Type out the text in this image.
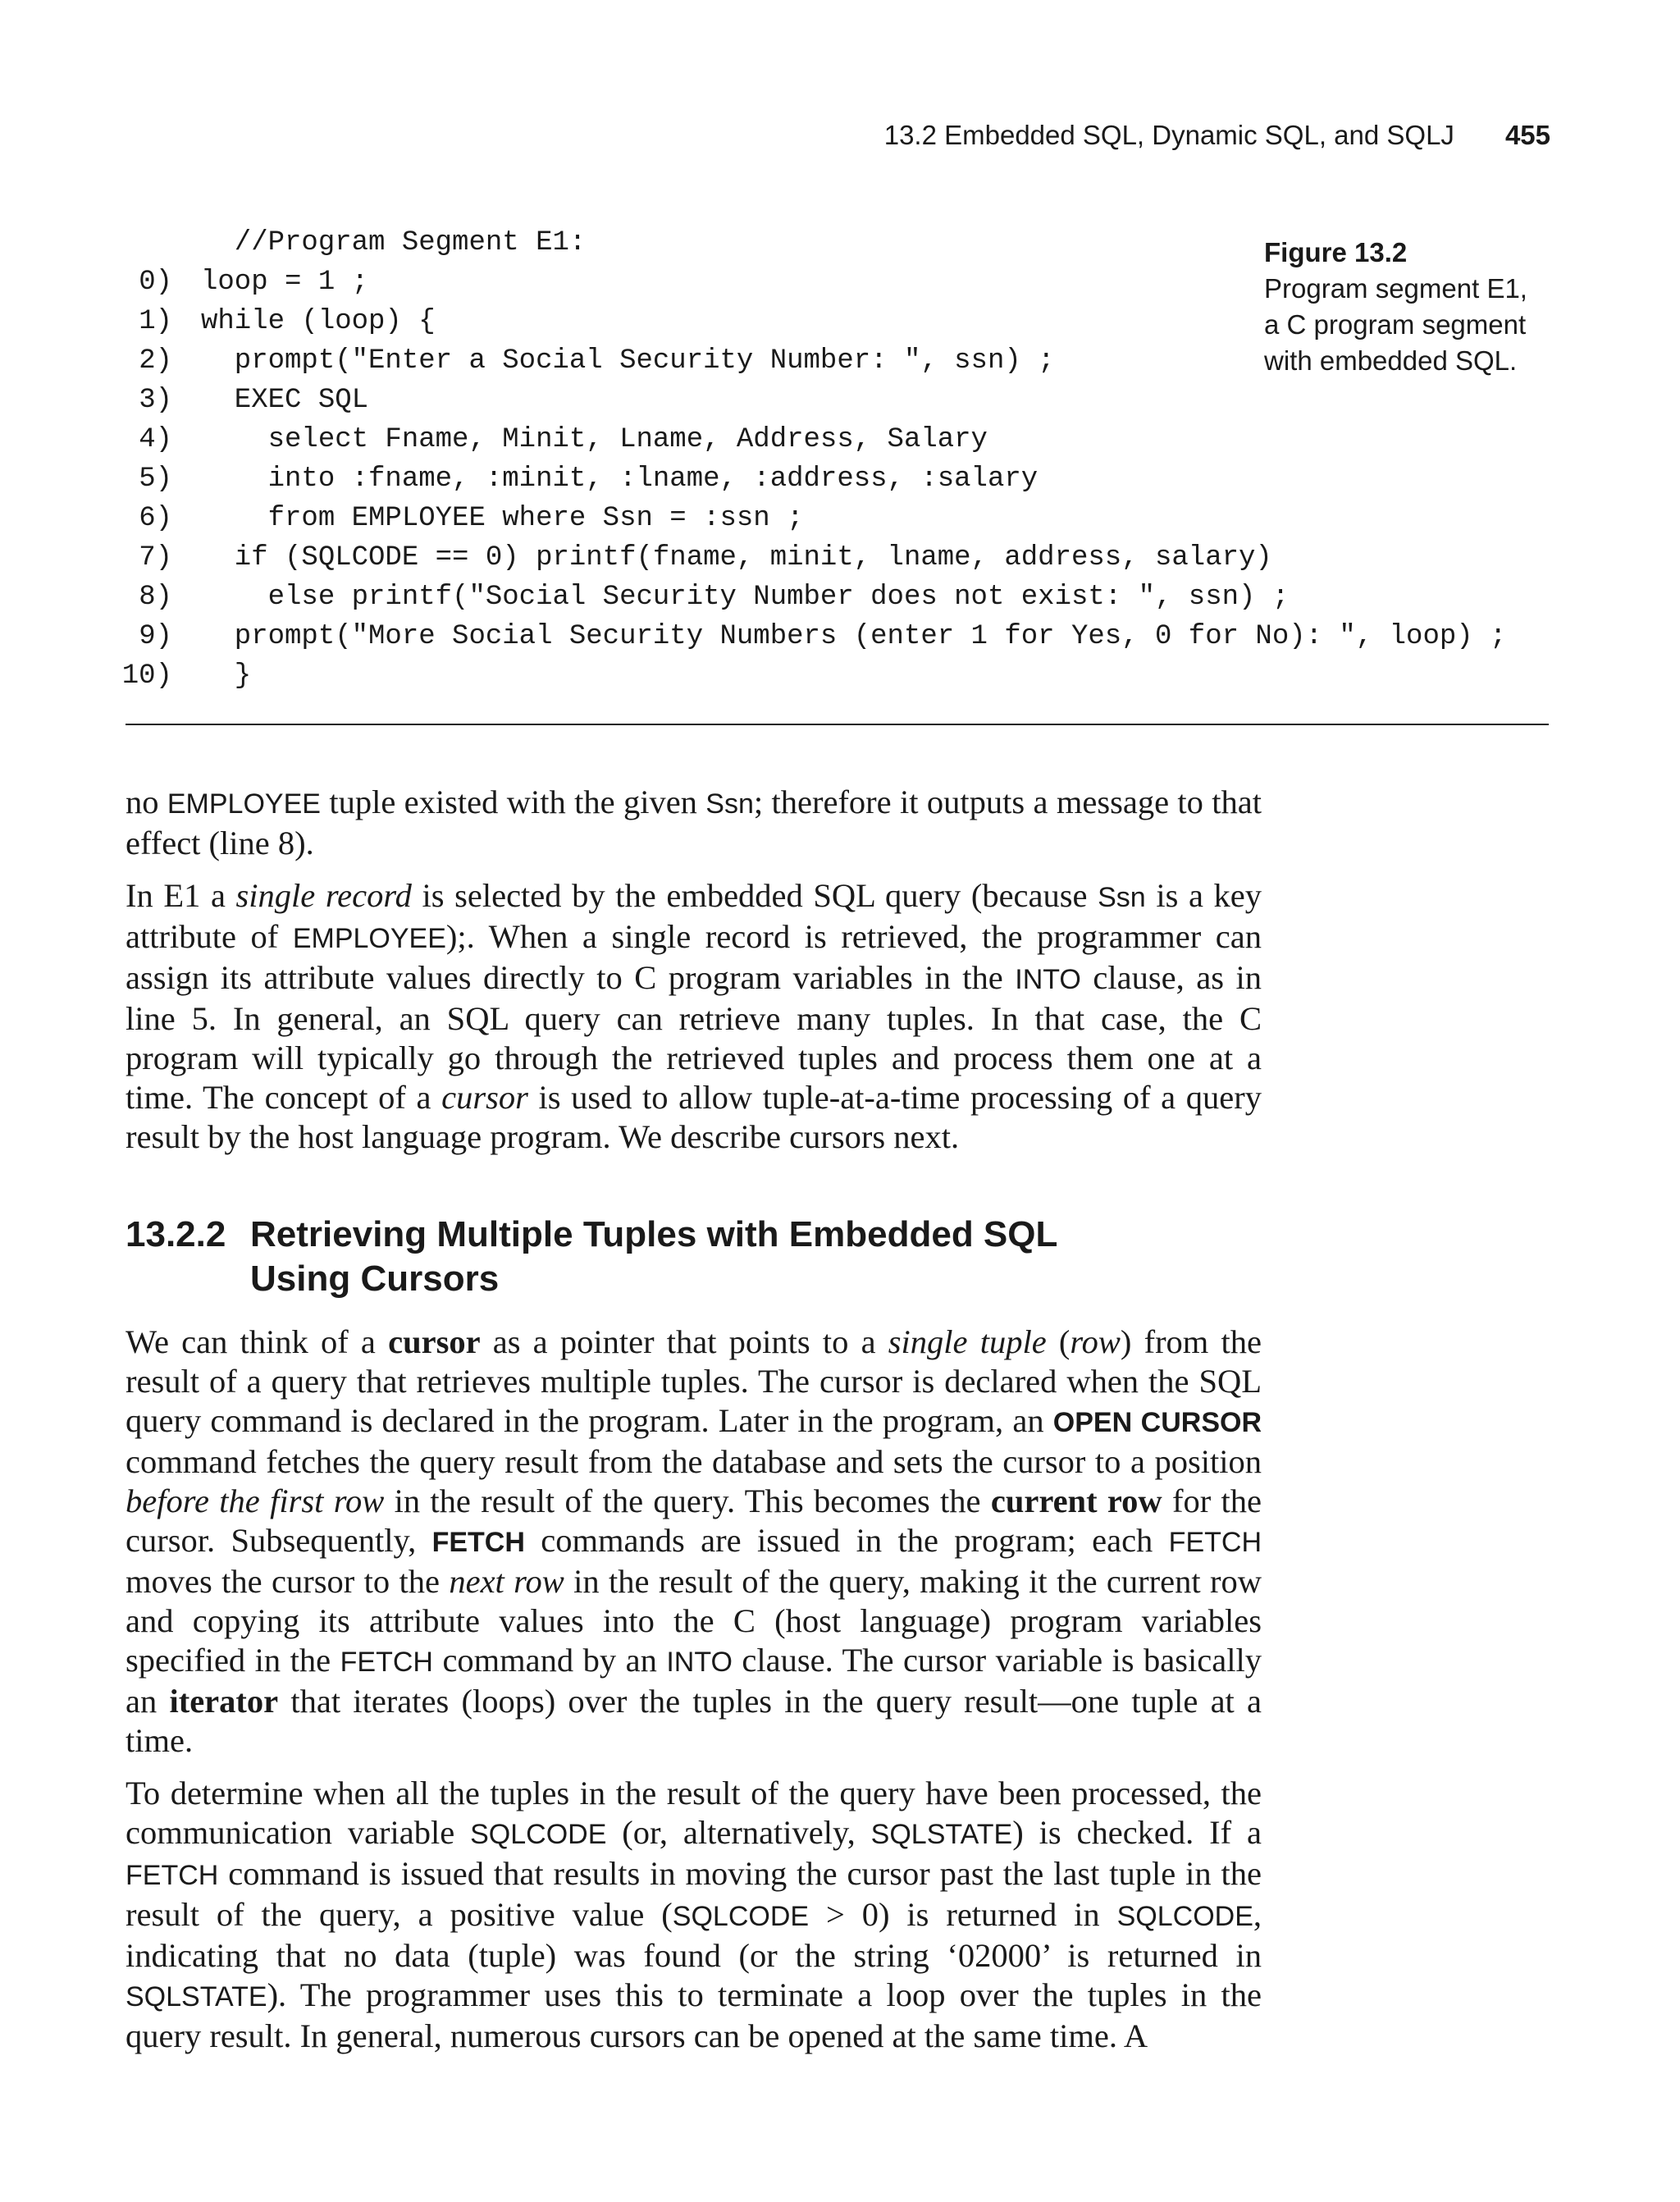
13.2 Embedded SQL, Dynamic SQL, and SQLJ 455
//Program Segment E1:
0) loop = 1 ;
1) while (loop) {
2)  prompt("Enter a Social Security Number: ", ssn) ;
3)  EXEC SQL
4)    select Fname, Minit, Lname, Address, Salary
5)    into :fname, :minit, :lname, :address, :salary
6)    from EMPLOYEE where Ssn = :ssn ;
7)  if (SQLCODE == 0) printf(fname, minit, lname, address, salary)
8)    else printf("Social Security Number does not exist: ", ssn) ;
9)  prompt("More Social Security Numbers (enter 1 for Yes, 0 for No): ", loop) ;
10)  }
Figure 13.2
Program segment E1,
a C program segment
with embedded SQL.

no EMPLOYEE tuple existed with the given Ssn; therefore it outputs a message to that effect (line 8).

In E1 a single record is selected by the embedded SQL query (because Ssn is a key attribute of EMPLOYEE);. When a single record is retrieved, the programmer can assign its attribute values directly to C program variables in the INTO clause, as in line 5. In general, an SQL query can retrieve many tuples. In that case, the C program will typically go through the retrieved tuples and process them one at a time. The concept of a cursor is used to allow tuple-at-a-time processing of a query result by the host language program. We describe cursors next.

13.2.2 Retrieving Multiple Tuples with Embedded SQL
Using Cursors

We can think of a cursor as a pointer that points to a single tuple (row) from the result of a query that retrieves multiple tuples. The cursor is declared when the SQL query command is declared in the program. Later in the program, an OPEN CURSOR command fetches the query result from the database and sets the cursor to a position before the first row in the result of the query. This becomes the current row for the cursor. Subsequently, FETCH commands are issued in the program; each FETCH moves the cursor to the next row in the result of the query, making it the current row and copying its attribute values into the C (host language) program variables specified in the FETCH command by an INTO clause. The cursor variable is basically an iterator that iterates (loops) over the tuples in the query result—one tuple at a time.

To determine when all the tuples in the result of the query have been processed, the communication variable SQLCODE (or, alternatively, SQLSTATE) is checked. If a FETCH command is issued that results in moving the cursor past the last tuple in the result of the query, a positive value (SQLCODE > 0) is returned in SQLCODE, indicating that no data (tuple) was found (or the string ‘02000’ is returned in SQLSTATE). The programmer uses this to terminate a loop over the tuples in the query result. In general, numerous cursors can be opened at the same time. A
